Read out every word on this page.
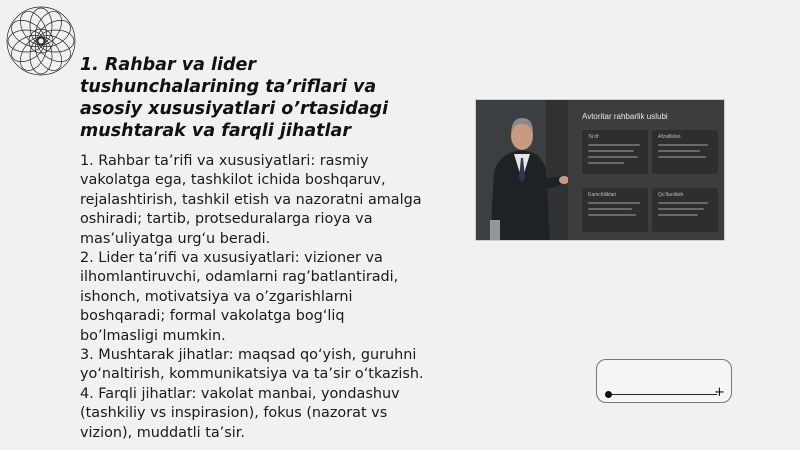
1. Rahbar va lider tushunchalarining ta’riflari va asosiy xususiyatlari o’rtasidagi mushtarak va farqli jihatlar

1. Rahbar ta’rifi va xususiyatlari: rasmiy vakolatga ega, tashkilot ichida boshqaruv, rejalashtirish, tashkil etish va nazoratni amalga oshiradi; tartib, protseduralarga rioya va mas’uliyatga urg‘u beradi.

2. Lider ta’rifi va xususiyatlari: vizioner va ilhomlantiruvchi, odamlarni rag’batlantiradi, ishonch, motivatsiya va o’zgarishlarni boshqaradi; formal vakolatga bog‘liq bo’lmasligi mumkin.

3. Mushtarak jihatlar: maqsad qo‘yish, guruhni yo‘naltirish, kommunikatsiya va ta’sir o‘tkazish.

4. Farqli jihatlar: vakolat manbai, yondashuv (tashkiliy vs inspirasion), fokus (nazorat vs vizion), muddatli ta’sir.

Avtoritar rahbarlik uslubi
Ta’rif	Afzalliklari
Kamchiliklari	Qo‘llanilishi
+
